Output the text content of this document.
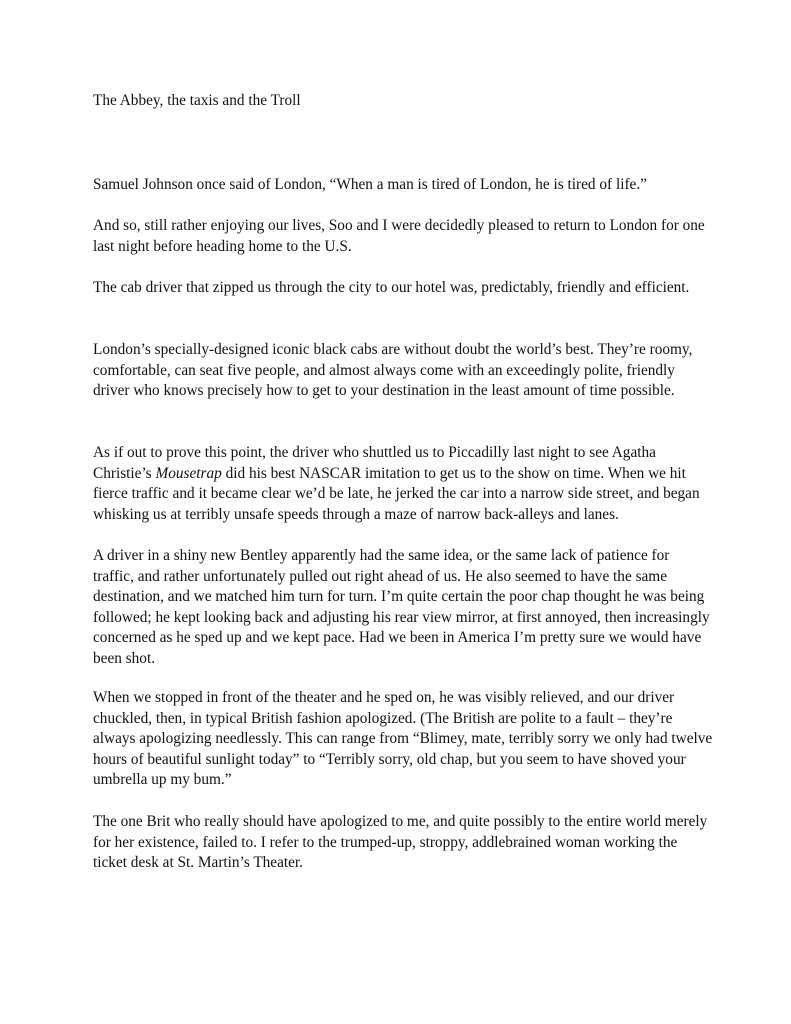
The Abbey, the taxis and the Troll

Samuel Johnson once said of London, “When a man is tired of London, he is tired of life.”

And so, still rather enjoying our lives, Soo and I were decidedly pleased to return to London for one last night before heading home to the U.S.

The cab driver that zipped us through the city to our hotel was, predictably, friendly and efficient.

London’s specially-designed iconic black cabs are without doubt the world’s best. They’re roomy, comfortable, can seat five people, and almost always come with an exceedingly polite, friendly driver who knows precisely how to get to your destination in the least amount of time possible.

As if out to prove this point, the driver who shuttled us to Piccadilly last night to see Agatha Christie’s Mousetrap did his best NASCAR imitation to get us to the show on time. When we hit fierce traffic and it became clear we’d be late, he jerked the car into a narrow side street, and began whisking us at terribly unsafe speeds through a maze of narrow back-alleys and lanes.

A driver in a shiny new Bentley apparently had the same idea, or the same lack of patience for traffic, and rather unfortunately pulled out right ahead of us. He also seemed to have the same destination, and we matched him turn for turn. I’m quite certain the poor chap thought he was being followed; he kept looking back and adjusting his rear view mirror, at first annoyed, then increasingly concerned as he sped up and we kept pace. Had we been in America I’m pretty sure we would have been shot.

When we stopped in front of the theater and he sped on, he was visibly relieved, and our driver chuckled, then, in typical British fashion apologized. (The British are polite to a fault – they’re always apologizing needlessly. This can range from “Blimey, mate, terribly sorry we only had twelve hours of beautiful sunlight today” to “Terribly sorry, old chap, but you seem to have shoved your umbrella up my bum.”

The one Brit who really should have apologized to me, and quite possibly to the entire world merely for her existence, failed to. I refer to the trumped-up, stroppy, addlebrained woman working the ticket desk at St. Martin’s Theater.
